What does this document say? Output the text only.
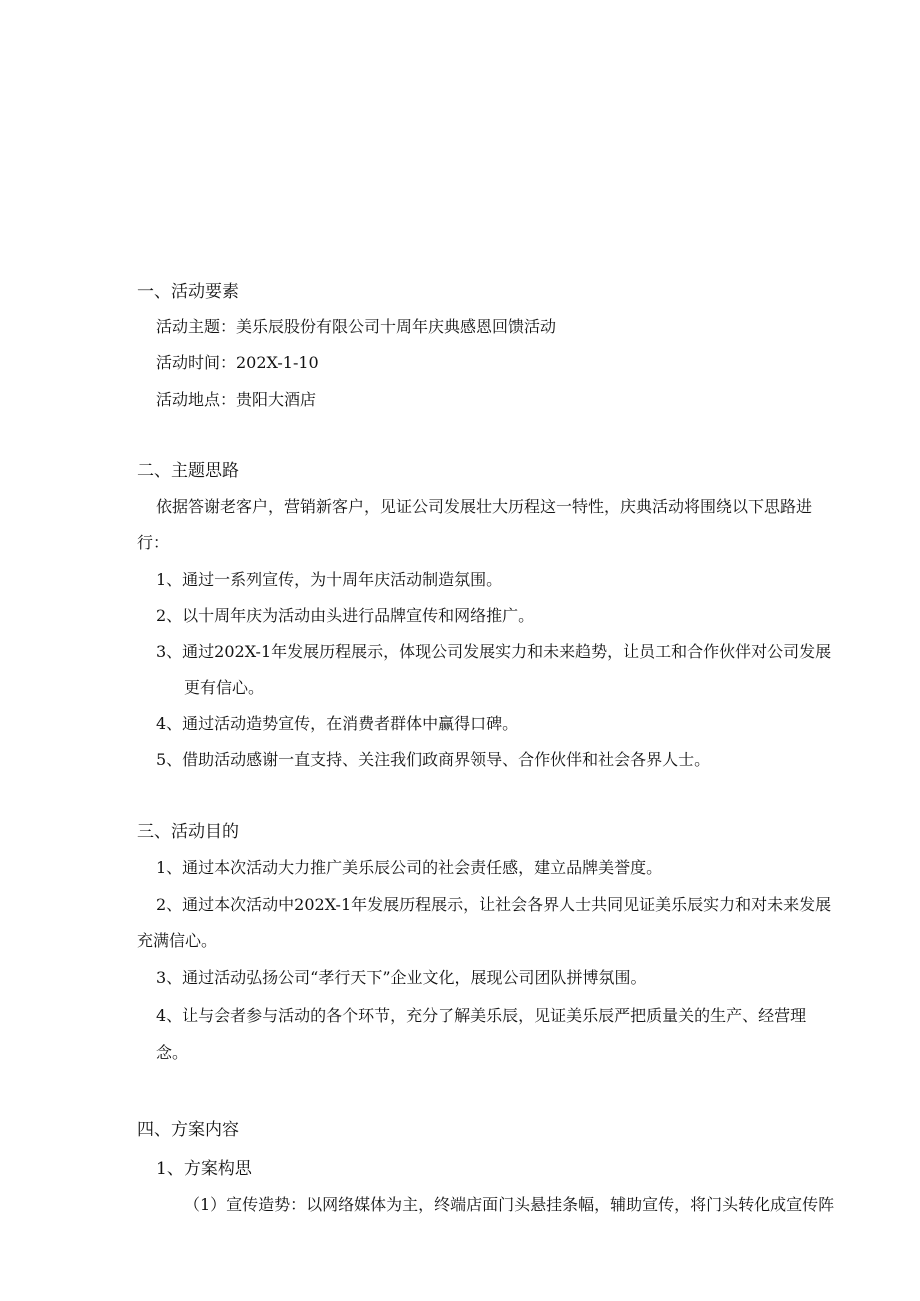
一、活动要素
活动主题：美乐辰股份有限公司十周年庆典感恩回馈活动
活动时间：202X-1-10
活动地点：贵阳大酒店
二、主题思路
依据答谢老客户，营销新客户，见证公司发展壮大历程这一特性，庆典活动将围绕以下思路进
行：
1、通过一系列宣传，为十周年庆活动制造氛围。
2、以十周年庆为活动由头进行品牌宣传和网络推广。
3、通过202X-1年发展历程展示，体现公司发展实力和未来趋势，让员工和合作伙伴对公司发展
更有信心。
4、通过活动造势宣传，在消费者群体中赢得口碑。
5、借助活动感谢一直支持、关注我们政商界领导、合作伙伴和社会各界人士。
三、活动目的
1、通过本次活动大力推广美乐辰公司的社会责任感，建立品牌美誉度。
2、通过本次活动中202X-1年发展历程展示，让社会各界人士共同见证美乐辰实力和对未来发展
充满信心。
3、通过活动弘扬公司“孝行天下”企业文化，展现公司团队拼博氛围。
4、让与会者参与活动的各个环节，充分了解美乐辰，见证美乐辰严把质量关的生产、经营理
念。
四、方案内容
1、方案构思
（1）宣传造势：以网络媒体为主，终端店面门头悬挂条幅，辅助宣传，将门头转化成宣传阵
